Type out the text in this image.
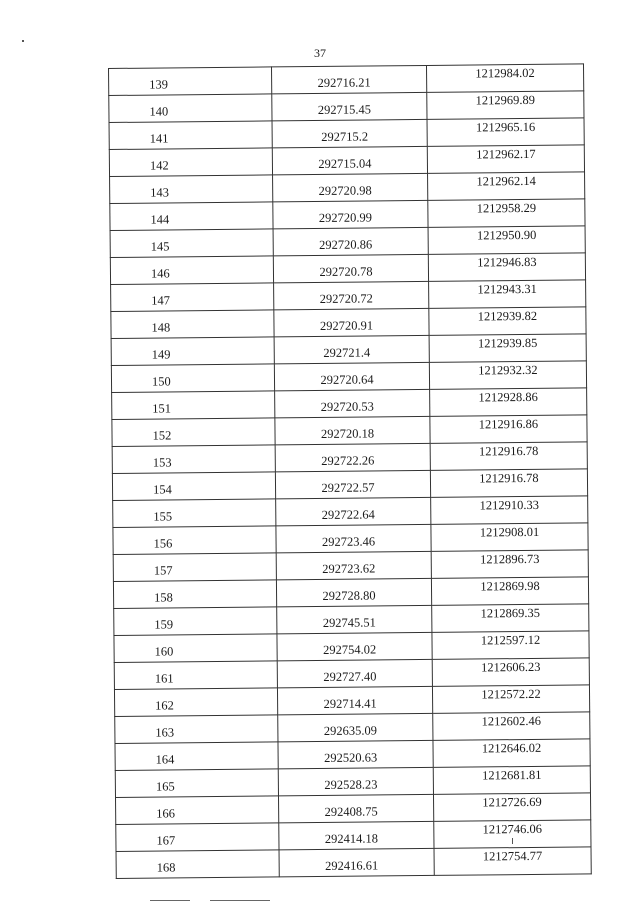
37
139	292716.21	1212984.02
140	292715.45	1212969.89
141	292715.2	1212965.16
142	292715.04	1212962.17
143	292720.98	1212962.14
144	292720.99	1212958.29
145	292720.86	1212950.90
146	292720.78	1212946.83
147	292720.72	1212943.31
148	292720.91	1212939.82
149	292721.4	1212939.85
150	292720.64	1212932.32
151	292720.53	1212928.86
152	292720.18	1212916.86
153	292722.26	1212916.78
154	292722.57	1212916.78
155	292722.64	1212910.33
156	292723.46	1212908.01
157	292723.62	1212896.73
158	292728.80	1212869.98
159	292745.51	1212869.35
160	292754.02	1212597.12
161	292727.40	1212606.23
162	292714.41	1212572.22
163	292635.09	1212602.46
164	292520.63	1212646.02
165	292528.23	1212681.81
166	292408.75	1212726.69
167	292414.18	1212746.06
168	292416.61	1212754.77
